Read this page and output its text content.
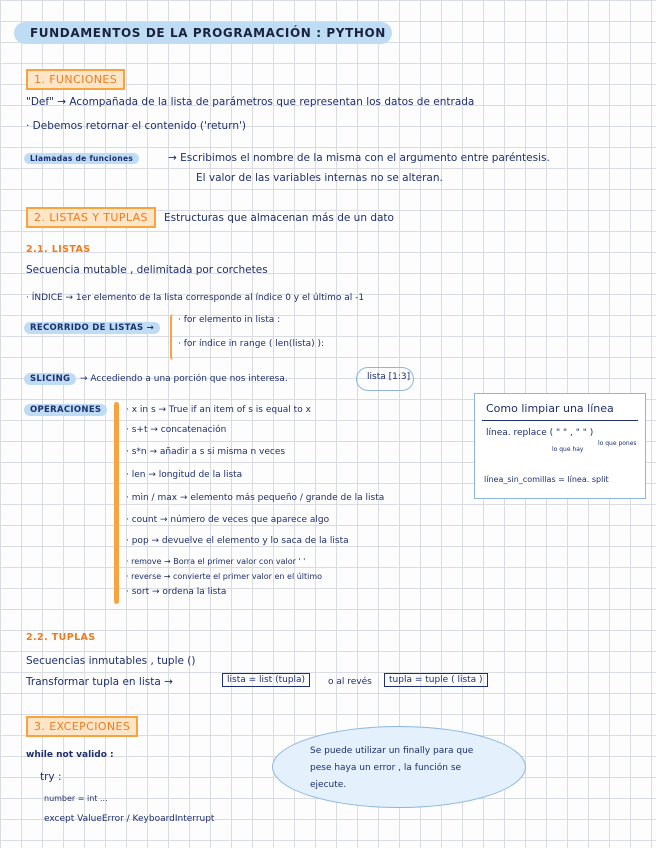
FUNDAMENTOS DE LA PROGRAMACIÓN : PYTHON
1. FUNCIONES
"Def" → Acompañada de la lista de parámetros que representan los datos de entrada
· Debemos retornar el contenido ('return')
Llamadas de funciones	→ Escribimos el nombre de la misma con el argumento entre paréntesis.
El valor de las variables internas no se alteran.
2. LISTAS Y TUPLAS	Estructuras que almacenan más de un dato
2.1. LISTAS
Secuencia mutable , delimitada por corchetes
· ÍNDICE → 1er elemento de la lista corresponde al índice 0 y el último al -1
RECORRIDO DE LISTAS →
· for elemento in lista :
· for índice in range ( len(lista) ):
SLICING	→ Accediendo a una porción que nos interesa.	lista [1:3]
OPERACIONES	· x in s → True if an item of s is equal to x
· s+t → concatenación
· s*n → añadir a s si misma n veces
· len → longitud de la lista
· min / max → elemento más pequeño / grande de la lista
· count → número de veces que aparece algo
· pop → devuelve el elemento y lo saca de la lista
· remove → Borra el primer valor con valor ' '
· reverse → convierte el primer valor en el último
· sort → ordena la lista
Como limpiar una línea
línea. replace ( " " , " " )
lo que hay
lo que pones
línea_sin_comillas = línea. split
2.2. TUPLAS
Secuencias inmutables , tuple ()
Transformar tupla en lista →	lista = list (tupla)	o al revés	tupla = tuple ( lista )
3. EXCEPCIONES
while not valido :
try :
number = int ...
except ValueError / KeyboardInterrupt
Se puede utilizar un finally para que pese haya un error , la función se ejecute.
